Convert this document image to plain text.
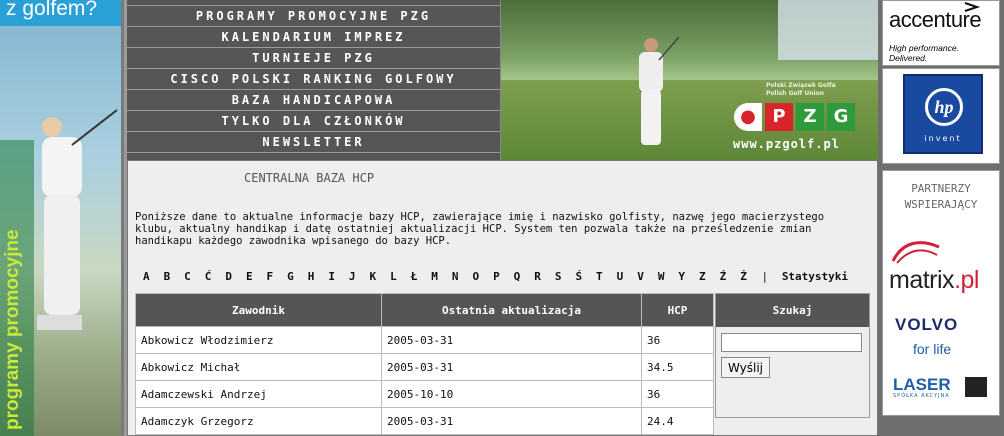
z golfem?
programy promocyjne
PROGRAMY PROMOCYJNE PZG
KALENDARIUM IMPREZ
TURNIEJE PZG
CISCO POLSKI RANKING GOLFOWY
BAZA HANDICAPOWA
TYLKO DLA CZŁONKÓW
NEWSLETTER
Polski Związek Golfa
Polish Golf Union
● P Z G
www.pzgolf.pl
CENTRALNA BAZA HCP
Poniższe dane to aktualne informacje bazy HCP, zawierające imię i nazwisko golfisty, nazwę jego macierzystego klubu, aktualny handikap i datę ostatniej aktualizacji HCP. System ten pozwala także na prześledzenie zmian handikapu każdego zawodnika wpisanego do bazy HCP.
A	B	C	Ć	D	E	F	G	H	I	J	K	L	Ł	M	N	O	P	Q	R	S	Ś	T	U	V	W	Y	Z	Ź	Ż	|	Statystyki
Zawodnik	Ostatnia aktualizacja	HCP
Abkowicz Włodzimierz	2005-03-31	36
Abkowicz Michał	2005-03-31	34.5
Adamczewski Andrzej	2005-10-10	36
Adamczyk Grzegorz	2005-03-31	24.4
Szukaj
Wyślij
accenture
High performance. Delivered.
hp
invent
PARTNERZY
WSPIERAJĄCY
matrix.pl
VOLVO
for life
LASER
SPÓŁKA AKCYJNA
